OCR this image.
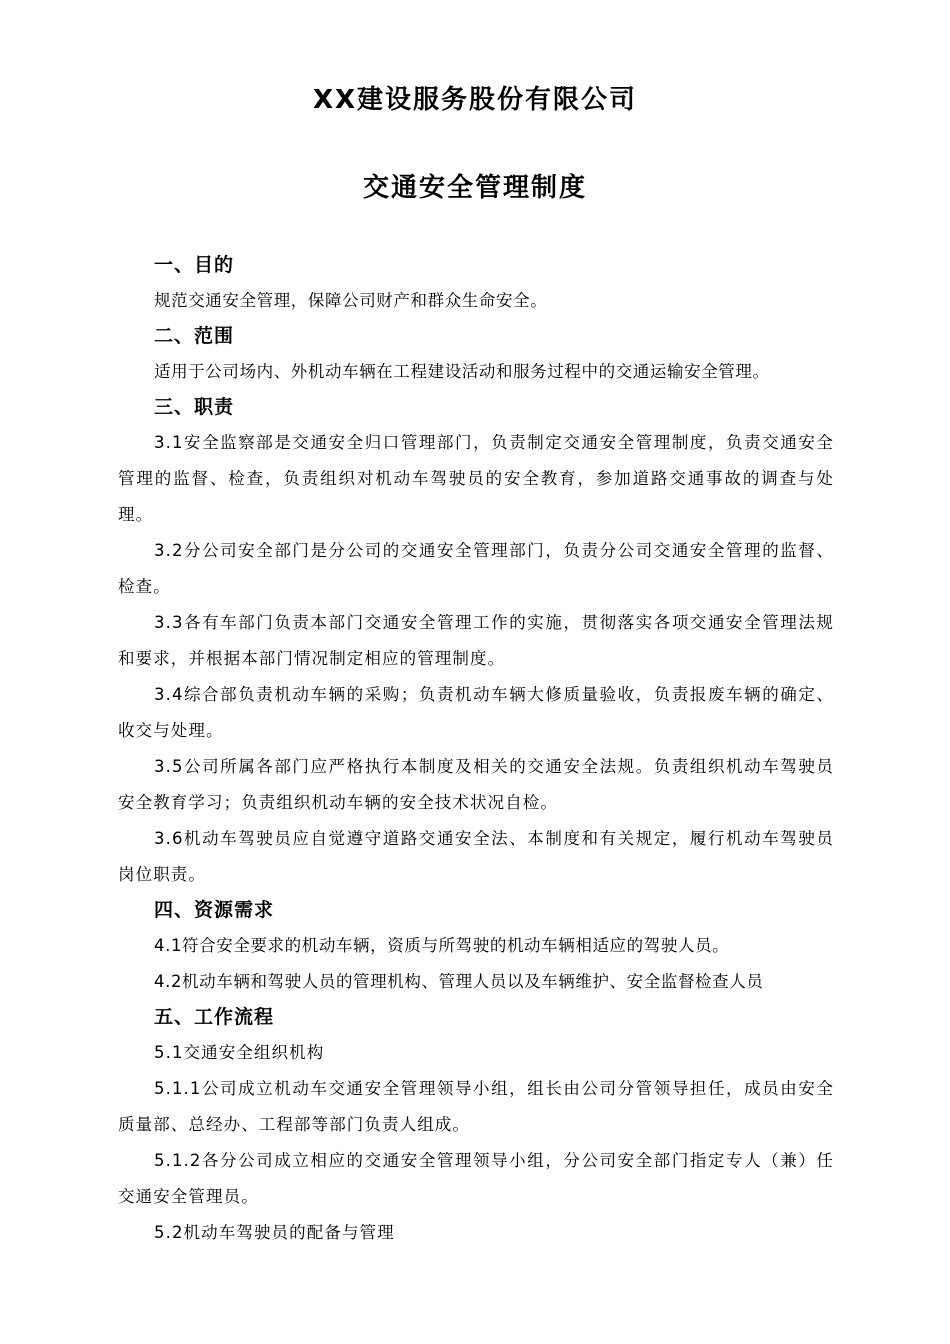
XX建设服务股份有限公司
交通安全管理制度
一、目的
规范交通安全管理，保障公司财产和群众生命安全。
二、范围
适用于公司场内、外机动车辆在工程建设活动和服务过程中的交通运输安全管理。
三、职责
3.1安全监察部是交通安全归口管理部门，负责制定交通安全管理制度，负责交通安全管理的监督、检查，负责组织对机动车驾驶员的安全教育，参加道路交通事故的调查与处理。
3.2分公司安全部门是分公司的交通安全管理部门，负责分公司交通安全管理的监督、检查。
3.3各有车部门负责本部门交通安全管理工作的实施，贯彻落实各项交通安全管理法规和要求，并根据本部门情况制定相应的管理制度。
3.4综合部负责机动车辆的采购；负责机动车辆大修质量验收，负责报废车辆的确定、收交与处理。
3.5公司所属各部门应严格执行本制度及相关的交通安全法规。负责组织机动车驾驶员安全教育学习；负责组织机动车辆的安全技术状况自检。
3.6机动车驾驶员应自觉遵守道路交通安全法、本制度和有关规定，履行机动车驾驶员岗位职责。
四、资源需求
4.1符合安全要求的机动车辆，资质与所驾驶的机动车辆相适应的驾驶人员。
4.2机动车辆和驾驶人员的管理机构、管理人员以及车辆维护、安全监督检查人员
五、工作流程
5.1交通安全组织机构
5.1.1公司成立机动车交通安全管理领导小组，组长由公司分管领导担任，成员由安全质量部、总经办、工程部等部门负责人组成。
5.1.2各分公司成立相应的交通安全管理领导小组，分公司安全部门指定专人（兼）任交通安全管理员。
5.2机动车驾驶员的配备与管理
